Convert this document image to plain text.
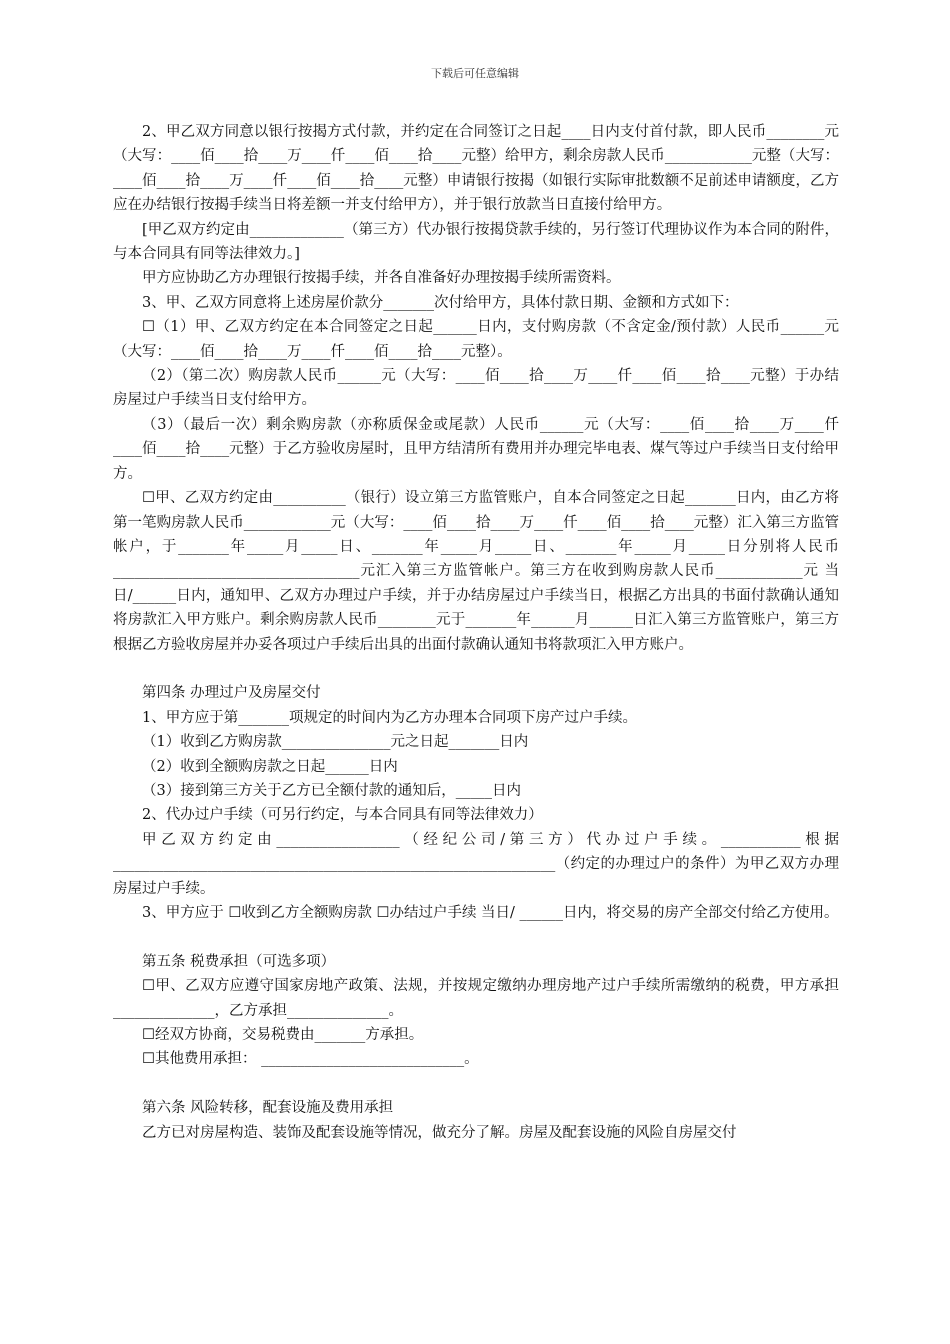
下载后可任意编辑

2、甲乙双方同意以银行按揭方式付款，并约定在合同签订之日起____日内支付首付款，即人民币________元（大写：____佰____拾____万____仟____佰____拾____元整）给甲方，剩余房款人民币____________元整（大写：____佰____拾____万____仟____佰____拾____元整）申请银行按揭（如银行实际审批数额不足前述申请额度，乙方应在办结银行按揭手续当日将差额一并支付给甲方），并于银行放款当日直接付给甲方。

[甲乙双方约定由_____________（第三方）代办银行按揭贷款手续的，另行签订代理协议作为本合同的附件，与本合同具有同等法律效力。]

甲方应协助乙方办理银行按揭手续，并各自准备好办理按揭手续所需资料。

3、甲、乙双方同意将上述房屋价款分_______次付给甲方，具体付款日期、金额和方式如下：

☐（1）甲、乙双方约定在本合同签定之日起______日内，支付购房款（不含定金/预付款）人民币______元（大写：____佰____拾____万____仟____佰____拾____元整）。

（2）（第二次）购房款人民币______元（大写：____佰____拾____万____仟____佰____拾____元整）于办结房屋过户手续当日支付给甲方。

（3）（最后一次）剩余购房款（亦称质保金或尾款）人民币______元（大写：____佰____拾____万____仟____佰____拾____元整）于乙方验收房屋时，且甲方结清所有费用并办理完毕电表、煤气等过户手续当日支付给甲方。

☐甲、乙双方约定由__________（银行）设立第三方监管账户，自本合同签定之日起_______日内，由乙方将第一笔购房款人民币____________元（大写：____佰____拾____万____仟____佰____拾____元整）汇入第三方监管帐户，于_______年_____月_____日、_______年_____月_____日、_______年_____月_____日分别将人民币__________________________________元汇入第三方监管帐户。第三方在收到购房款人民币____________元 当日/______日内，通知甲、乙双方办理过户手续，并于办结房屋过户手续当日，根据乙方出具的书面付款确认通知将房款汇入甲方账户。剩余购房款人民币________元于_______年______月______日汇入第三方监管账户，第三方根据乙方验收房屋并办妥各项过户手续后出具的出面付款确认通知书将款项汇入甲方账户。

第四条 办理过户及房屋交付

1、甲方应于第_______项规定的时间内为乙方办理本合同项下房产过户手续。

（1）收到乙方购房款_______________元之日起_______日内

（2）收到全额购房款之日起______日内

（3）接到第三方关于乙方已全额付款的通知后，_____日内

2、代办过户手续（可另行约定，与本合同具有同等法律效力）

甲乙双方约定由_________________（经纪公司/第三方）代办过户手续。___________根据_____________________________________________________________（约定的办理过户的条件）为甲乙双方办理房屋过户手续。

3、甲方应于 ☐收到乙方全额购房款 ☐办结过户手续 当日/ ______日内，将交易的房产全部交付给乙方使用。

第五条 税费承担（可选多项）

☐甲、乙双方应遵守国家房地产政策、法规，并按规定缴纳办理房地产过户手续所需缴纳的税费，甲方承担______________，乙方承担______________。

☐经双方协商，交易税费由_______方承担。

☐其他费用承担： ____________________________。

第六条 风险转移，配套设施及费用承担

乙方已对房屋构造、装饰及配套设施等情况，做充分了解。房屋及配套设施的风险自房屋交付
